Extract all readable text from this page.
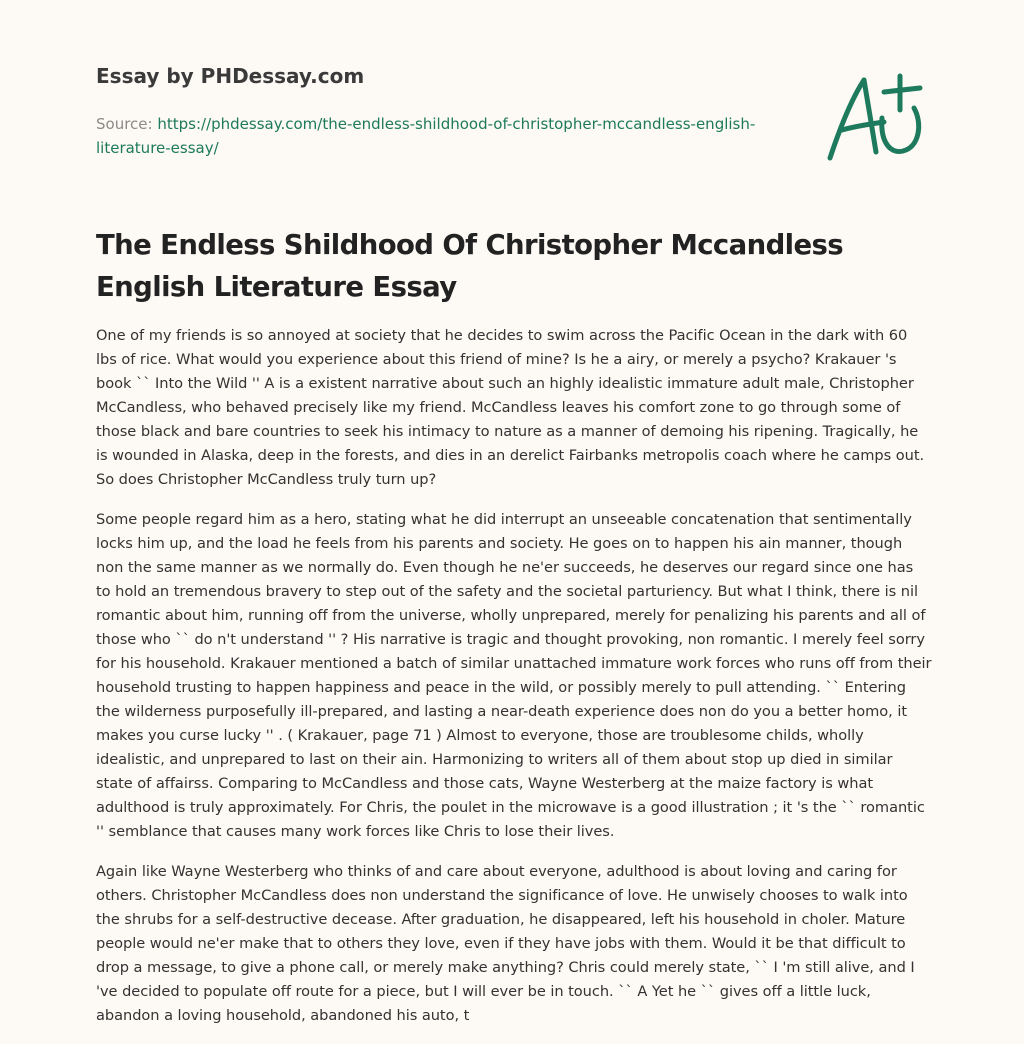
Essay by PHDessay.com
Source: https://phdessay.com/the-endless-shildhood-of-christopher-mccandless-english-literature-essay/
The Endless Shildhood Of Christopher Mccandless English Literature Essay

One of my friends is so annoyed at society that he decides to swim across the Pacific Ocean in the dark with 60 lbs of rice. What would you experience about this friend of mine? Is he a airy, or merely a psycho? Krakauer 's book `` Into the Wild '' A is a existent narrative about such an highly idealistic immature adult male, Christopher McCandless, who behaved precisely like my friend. McCandless leaves his comfort zone to go through some of those black and bare countries to seek his intimacy to nature as a manner of demoing his ripening. Tragically, he is wounded in Alaska, deep in the forests, and dies in an derelict Fairbanks metropolis coach where he camps out. So does Christopher McCandless truly turn up?

Some people regard him as a hero, stating what he did interrupt an unseeable concatenation that sentimentally locks him up, and the load he feels from his parents and society. He goes on to happen his ain manner, though non the same manner as we normally do. Even though he ne'er succeeds, he deserves our regard since one has to hold an tremendous bravery to step out of the safety and the societal parturiency. But what I think, there is nil romantic about him, running off from the universe, wholly unprepared, merely for penalizing his parents and all of those who `` do n't understand '' ? His narrative is tragic and thought provoking, non romantic. I merely feel sorry for his household. Krakauer mentioned a batch of similar unattached immature work forces who runs off from their household trusting to happen happiness and peace in the wild, or possibly merely to pull attending. `` Entering the wilderness purposefully ill-prepared, and lasting a near-death experience does non do you a better homo, it makes you curse lucky '' . ( Krakauer, page 71 ) Almost to everyone, those are troublesome childs, wholly idealistic, and unprepared to last on their ain. Harmonizing to writers all of them about stop up died in similar state of affairss. Comparing to McCandless and those cats, Wayne Westerberg at the maize factory is what adulthood is truly approximately. For Chris, the poulet in the microwave is a good illustration ; it 's the `` romantic '' semblance that causes many work forces like Chris to lose their lives.

Again like Wayne Westerberg who thinks of and care about everyone, adulthood is about loving and caring for others. Christopher McCandless does non understand the significance of love. He unwisely chooses to walk into the shrubs for a self-destructive decease. After graduation, he disappeared, left his household in choler. Mature people would ne'er make that to others they love, even if they have jobs with them. Would it be that difficult to drop a message, to give a phone call, or merely make anything? Chris could merely state, `` I 'm still alive, and I 've decided to populate off route for a piece, but I will ever be in touch. `` A Yet he `` gives off a little luck, abandon a loving household, abandoned his auto, t
